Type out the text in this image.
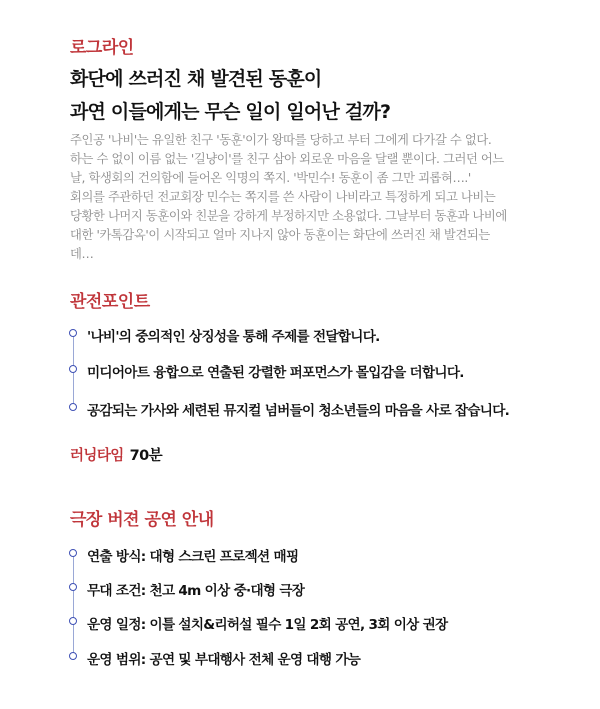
로그라인
화단에 쓰러진 채 발견된 동훈이
과연 이들에게는 무슨 일이 일어난 걸까?
주인공 '나비'는 유일한 친구 '동훈'이가 왕따를 당하고 부터 그에게 다가갈 수 없다.
하는 수 없이 이름 없는 '길냥이'를 친구 삼아 외로운 마음을 달랠 뿐이다. 그러던 어느
날, 학생회의 건의함에 들어온 익명의 쪽지. '박민수! 동훈이 좀 그만 괴롭혀….'
회의를 주관하던 전교회장 민수는 쪽지를 쓴 사람이 나비라고 특정하게 되고 나비는
당황한 나머지 동훈이와 친분을 강하게 부정하지만 소용없다. 그날부터 동훈과 나비에
대한 '카톡감옥'이 시작되고 얼마 지나지 않아 동훈이는 화단에 쓰러진 채 발견되는
데…
관전포인트
'나비'의 중의적인 상징성을 통해 주제를 전달합니다.
미디어아트 융합으로 연출된 강렬한 퍼포먼스가 몰입감을 더합니다.
공감되는 가사와 세련된 뮤지컬 넘버들이 청소년들의 마음을 사로 잡습니다.
러닝타임 70분
극장 버젼 공연 안내
연출 방식: 대형 스크린 프로젝션 매핑
무대 조건: 천고 4m 이상 중·대형 극장
운영 일정: 이틀 설치&리허설 필수 1일 2회 공연, 3회 이상 권장
운영 범위: 공연 및 부대행사 전체 운영 대행 가능
